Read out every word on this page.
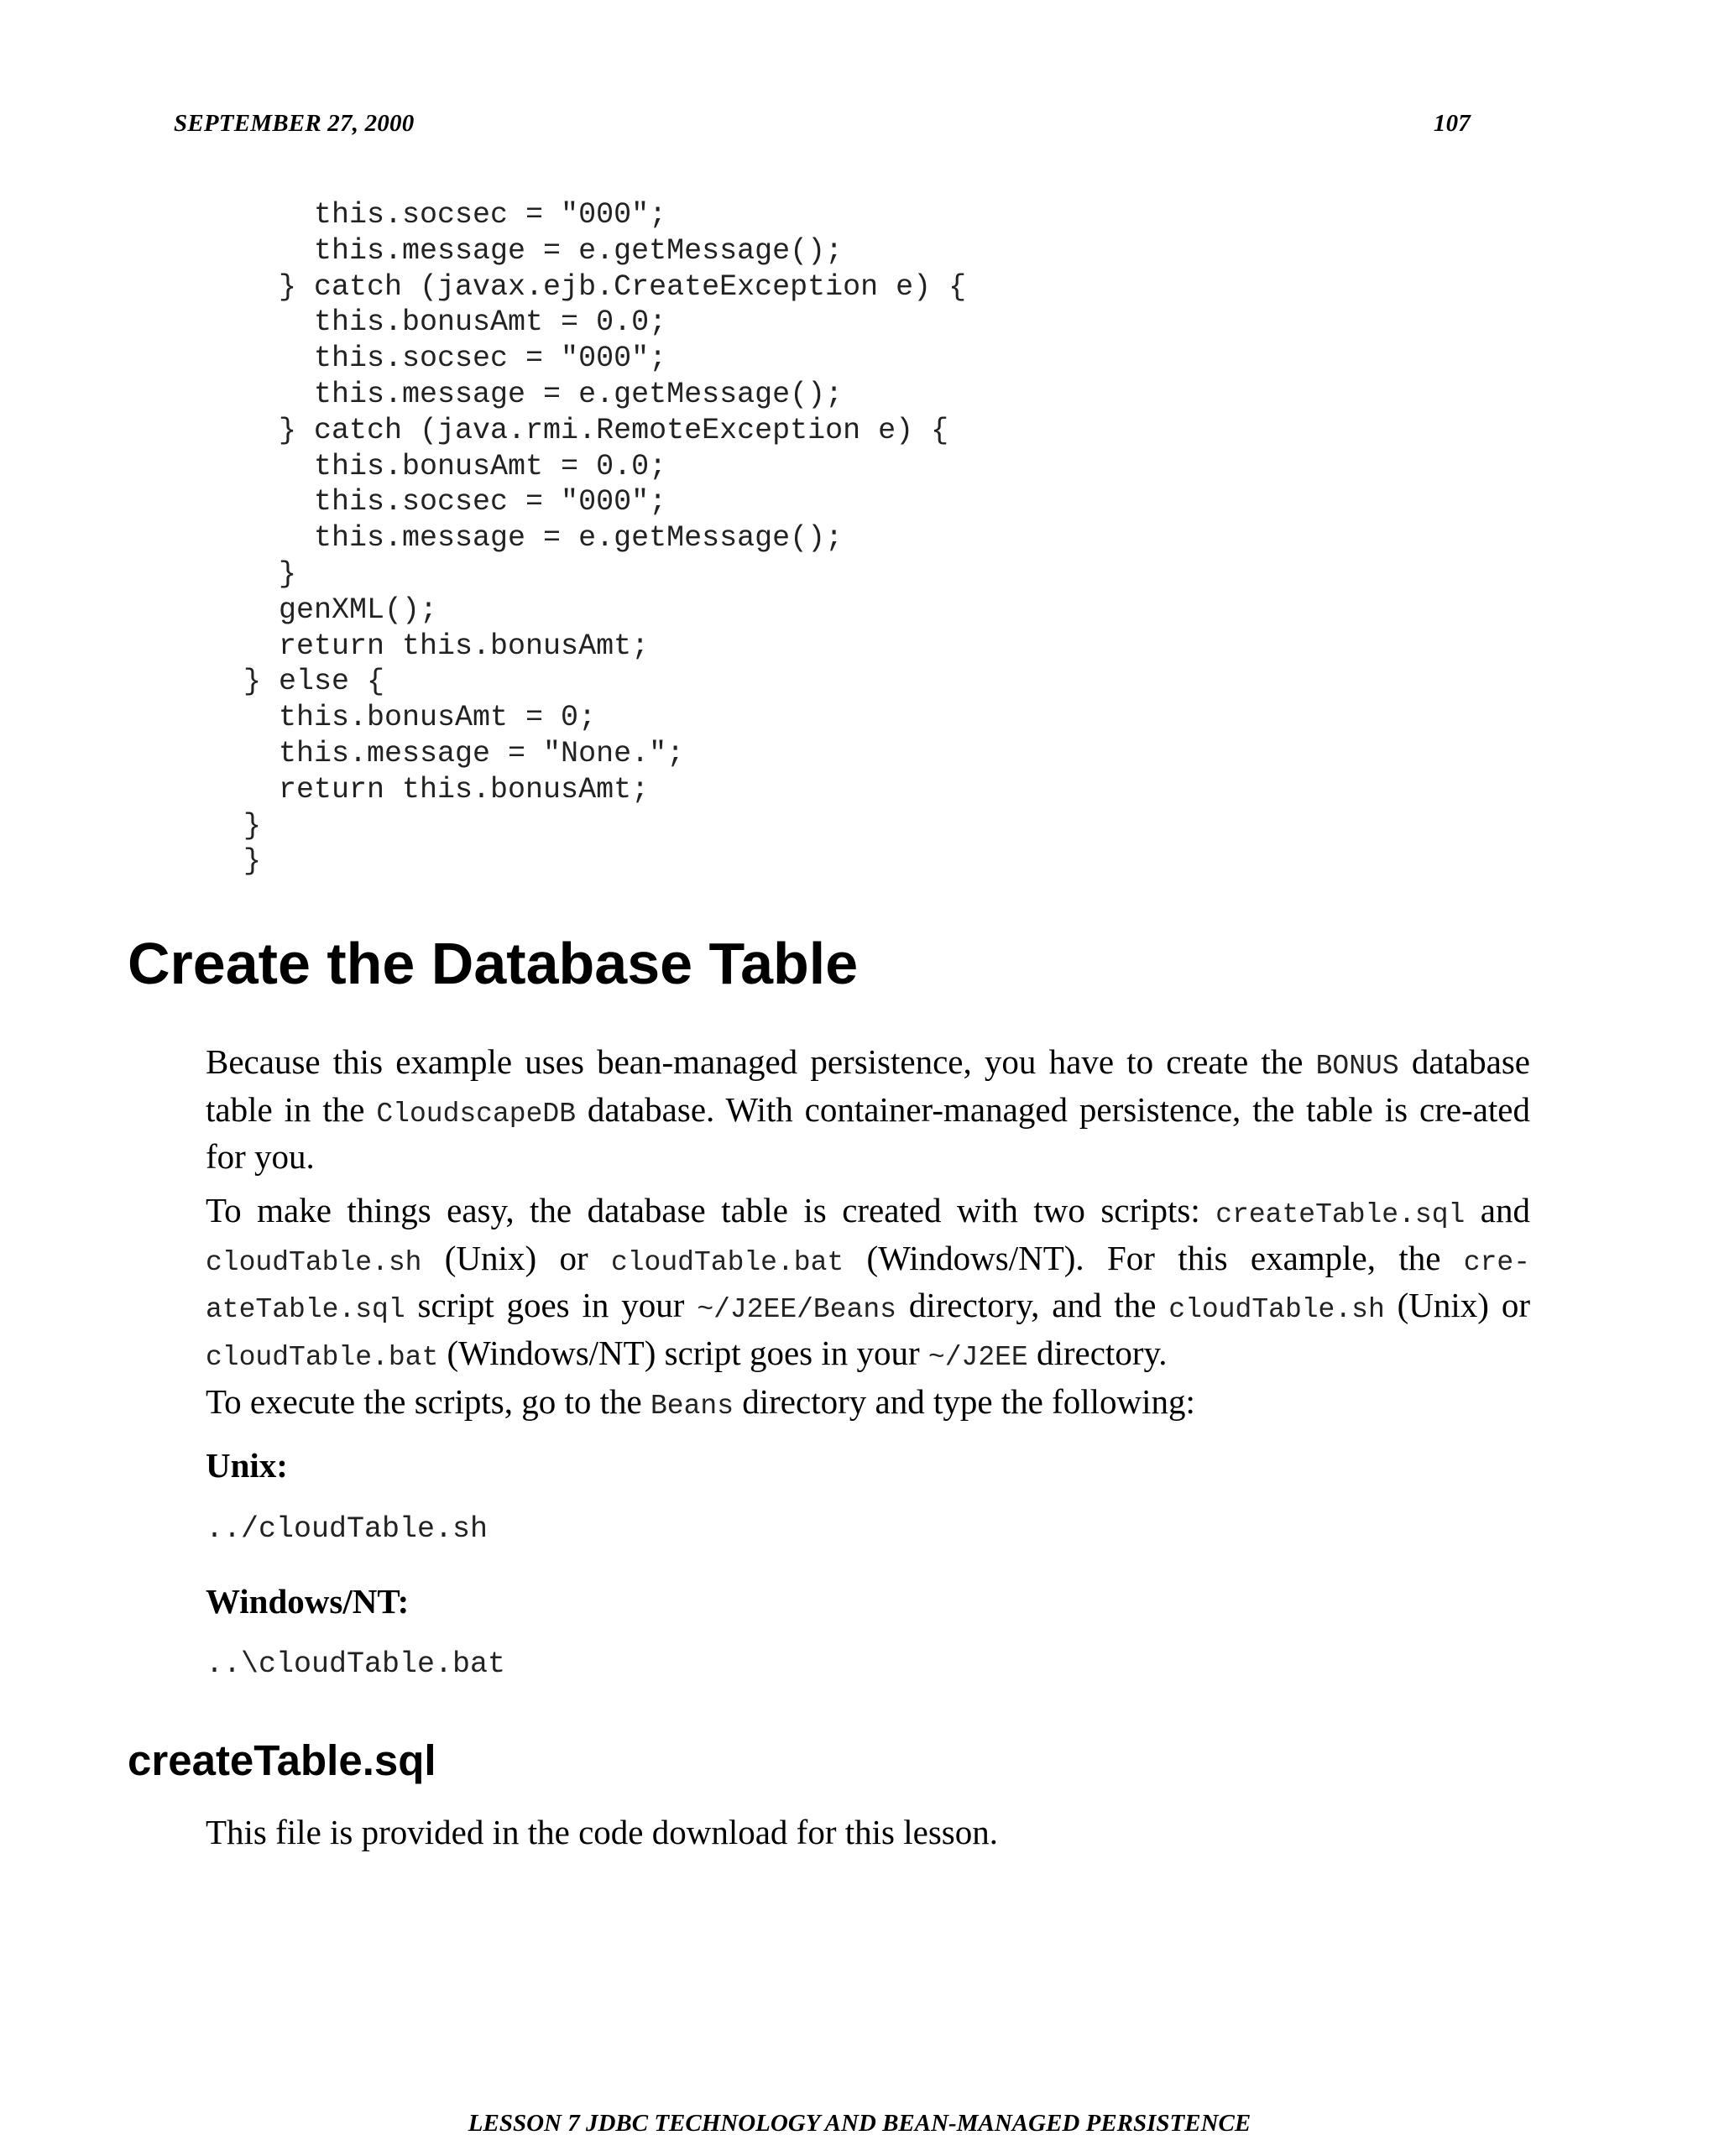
SEPTEMBER 27, 2000	107
this.socsec = "000";
this.message = e.getMessage();
} catch (javax.ejb.CreateException e) {
this.bonusAmt = 0.0;
this.socsec = "000";
this.message = e.getMessage();
} catch (java.rmi.RemoteException e) {
this.bonusAmt = 0.0;
this.socsec = "000";
this.message = e.getMessage();
}
genXML();
return this.bonusAmt;
} else {
this.bonusAmt = 0;
this.message = "None.";
return this.bonusAmt;
}
}
Create the Database Table

Because this example uses bean-managed persistence, you have to create the BONUS database table in the CloudscapeDB database. With container-managed persistence, the table is cre-ated for you.

To make things easy, the database table is created with two scripts: createTable.sql and cloudTable.sh (Unix) or cloudTable.bat (Windows/NT). For this example, the cre-ateTable.sql script goes in your ~/J2EE/Beans directory, and the cloudTable.sh (Unix) or cloudTable.bat (Windows/NT) script goes in your ~/J2EE directory.

To execute the scripts, go to the Beans directory and type the following:

Unix:

../cloudTable.sh

Windows/NT:

..\cloudTable.bat
createTable.sql

This file is provided in the code download for this lesson.

LESSON 7 JDBC TECHNOLOGY AND BEAN-MANAGED PERSISTENCE
